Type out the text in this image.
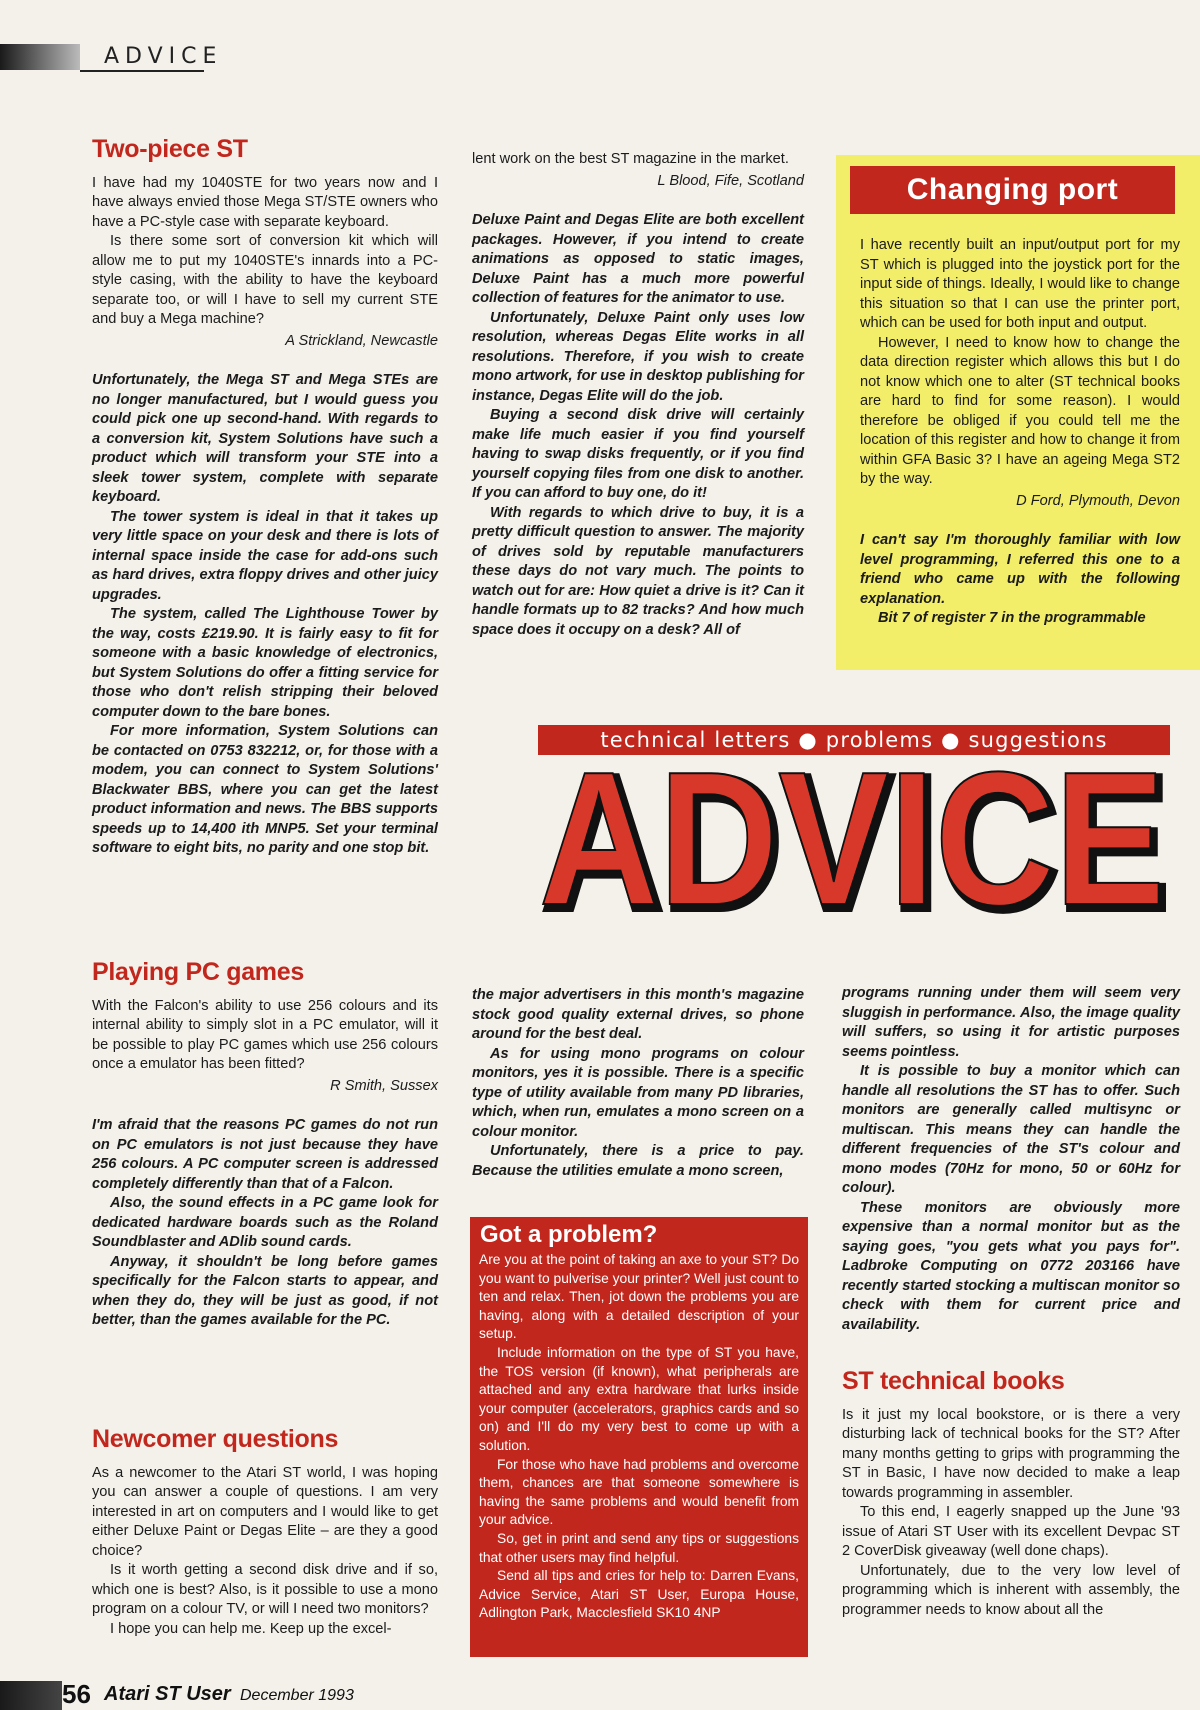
ADVICE
Two-piece ST

I have had my 1040STE for two years now and I have always envied those Mega ST/STE owners who have a PC-style case with separate keyboard.

Is there some sort of conversion kit which will allow me to put my 1040STE's innards into a PC-style casing, with the ability to have the keyboard separate too, or will I have to sell my current STE and buy a Mega machine?

A Strickland, Newcastle

Unfortunately, the Mega ST and Mega STEs are no longer manufactured, but I would guess you could pick one up second-hand. With regards to a conversion kit, System Solutions have such a product which will transform your STE into a sleek tower system, complete with separate keyboard.

The tower system is ideal in that it takes up very little space on your desk and there is lots of internal space inside the case for add-ons such as hard drives, extra floppy drives and other juicy upgrades.

The system, called The Lighthouse Tower by the way, costs £219.90. It is fairly easy to fit for someone with a basic knowledge of electronics, but System Solutions do offer a fitting service for those who don't relish stripping their beloved computer down to the bare bones.

For more information, System Solutions can be contacted on 0753 832212, or, for those with a modem, you can connect to System Solutions' Blackwater BBS, where you can get the latest product information and news. The BBS supports speeds up to 14,400 ith MNP5. Set your terminal software to eight bits, no parity and one stop bit.

Playing PC games

With the Falcon's ability to use 256 colours and its internal ability to simply slot in a PC emulator, will it be possible to play PC games which use 256 colours once a emulator has been fitted?

R Smith, Sussex

I'm afraid that the reasons PC games do not run on PC emulators is not just because they have 256 colours. A PC computer screen is addressed completely differently than that of a Falcon.

Also, the sound effects in a PC game look for dedicated hardware boards such as the Roland Soundblaster and ADlib sound cards.

Anyway, it shouldn't be long before games specifically for the Falcon starts to appear, and when they do, they will be just as good, if not better, than the games available for the PC.

Newcomer questions

As a newcomer to the Atari ST world, I was hoping you can answer a couple of questions. I am very interested in art on computers and I would like to get either Deluxe Paint or Degas Elite – are they a good choice?

Is it worth getting a second disk drive and if so, which one is best? Also, is it possible to use a mono program on a colour TV, or will I need two monitors?

I hope you can help me. Keep up the excel-

lent work on the best ST magazine in the market.

L Blood, Fife, Scotland

Deluxe Paint and Degas Elite are both excellent packages. However, if you intend to create animations as opposed to static images, Deluxe Paint has a much more powerful collection of features for the animator to use.

Unfortunately, Deluxe Paint only uses low resolution, whereas Degas Elite works in all resolutions. Therefore, if you wish to create mono artwork, for use in desktop publishing for instance, Degas Elite will do the job.

Buying a second disk drive will certainly make life much easier if you find yourself having to swap disks frequently, or if you find yourself copying files from one disk to another. If you can afford to buy one, do it!

With regards to which drive to buy, it is a pretty difficult question to answer. The majority of drives sold by reputable manufacturers these days do not vary much. The points to watch out for are: How quiet a drive is it? Can it handle formats up to 82 tracks? And how much space does it occupy on a desk? All of

Changing port

I have recently built an input/output port for my ST which is plugged into the joystick port for the input side of things. Ideally, I would like to change this situation so that I can use the printer port, which can be used for both input and output.

However, I need to know how to change the data direction register which allows this but I do not know which one to alter (ST technical books are hard to find for some reason). I would therefore be obliged if you could tell me the location of this register and how to change it from within GFA Basic 3? I have an ageing Mega ST2 by the way.

D Ford, Plymouth, Devon

I can't say I'm thoroughly familiar with low level programming, I referred this one to a friend who came up with the following explanation.

Bit 7 of register 7 in the programmable

technical letters ● problems ● suggestions
ADVICE
ADVICE

the major advertisers in this month's magazine stock good quality external drives, so phone around for the best deal.

As for using mono programs on colour monitors, yes it is possible. There is a specific type of utility available from many PD libraries, which, when run, emulates a mono screen on a colour monitor.

Unfortunately, there is a price to pay. Because the utilities emulate a mono screen,

Got a problem?

Are you at the point of taking an axe to your ST? Do you want to pulverise your printer? Well just count to ten and relax. Then, jot down the problems you are having, along with a detailed description of your setup.

Include information on the type of ST you have, the TOS version (if known), what peripherals are attached and any extra hardware that lurks inside your computer (accelerators, graphics cards and so on) and I'll do my very best to come up with a solution.

For those who have had problems and overcome them, chances are that someone somewhere is having the same problems and would benefit from your advice.

So, get in print and send any tips or suggestions that other users may find helpful.

Send all tips and cries for help to: Darren Evans, Advice Service, Atari ST User, Europa House, Adlington Park, Macclesfield SK10 4NP

programs running under them will seem very sluggish in performance. Also, the image quality will suffers, so using it for artistic purposes seems pointless.

It is possible to buy a monitor which can handle all resolutions the ST has to offer. Such monitors are generally called multisync or multiscan. This means they can handle the different frequencies of the ST's colour and mono modes (70Hz for mono, 50 or 60Hz for colour).

These monitors are obviously more expensive than a normal monitor but as the saying goes, "you gets what you pays for". Ladbroke Computing on 0772 203166 have recently started stocking a multiscan monitor so check with them for current price and availability.

ST technical books

Is it just my local bookstore, or is there a very disturbing lack of technical books for the ST? After many months getting to grips with programming the ST in Basic, I have now decided to make a leap towards programming in assembler.

To this end, I eagerly snapped up the June '93 issue of Atari ST User with its excellent Devpac ST 2 CoverDisk giveaway (well done chaps).

Unfortunately, due to the very low level of programming which is inherent with assembly, the programmer needs to know about all the

56 Atari ST User December 1993
